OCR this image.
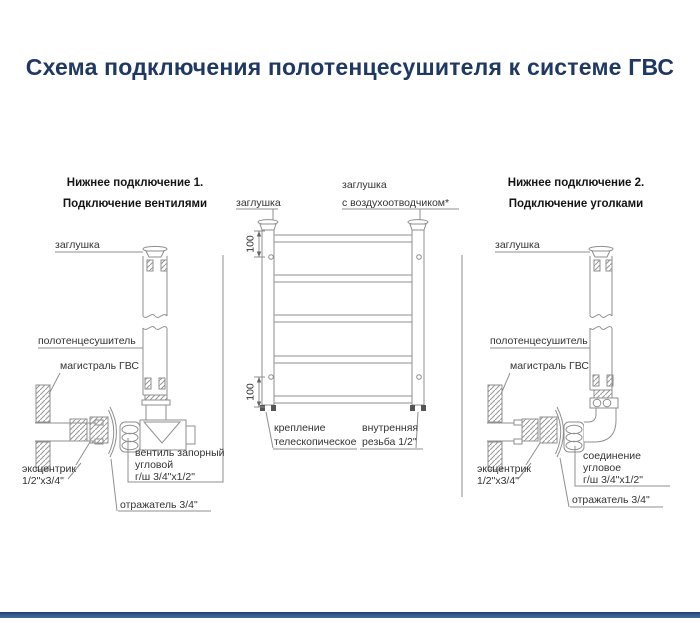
Схема подключения полотенцесушителя к системе ГВС
Нижнее подключение 1.
Подключение вентилями
Нижнее подключение 2.
Подключение уголками
заглушка
полотенцесушитель
магистраль ГВС
эксцентрик
1/2"x3/4"
вентиль запорный
угловой
г/ш 3/4"x1/2"
отражатель 3/4"
100
100
заглушка
заглушка
с воздухоотводчиком*
крепление
телескопическое
внутренняя
резьба 1/2"
заглушка
полотенцесушитель
магистраль ГВС
эксцентрик
1/2"x3/4"
соединение
угловое
г/ш 3/4"x1/2"
отражатель 3/4"
